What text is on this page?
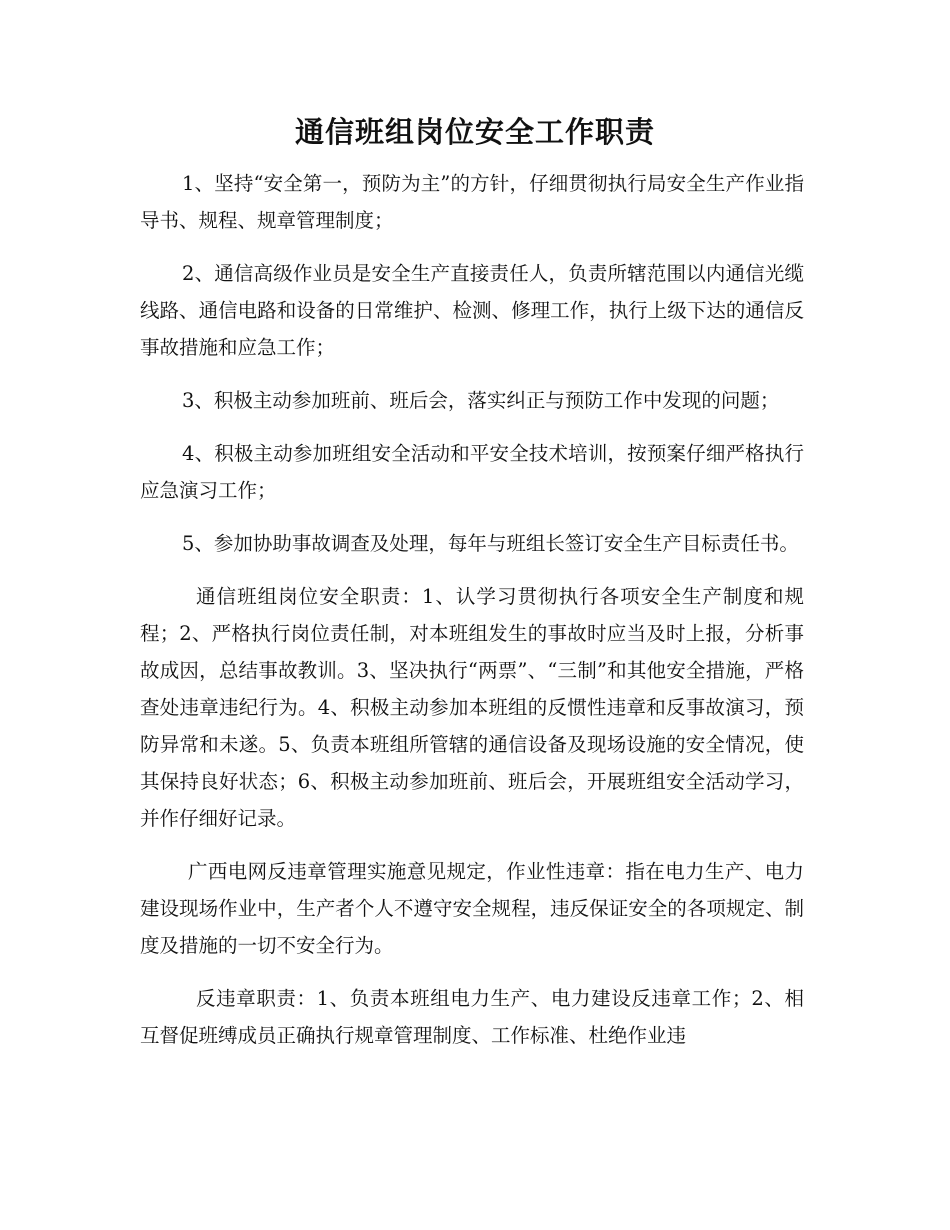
通信班组岗位安全工作职责

1、坚持“安全第一，预防为主”的方针，仔细贯彻执行局安全生产作业指导书、规程、规章管理制度；

2、通信高级作业员是安全生产直接责任人，负责所辖范围以内通信光缆线路、通信电路和设备的日常维护、检测、修理工作，执行上级下达的通信反事故措施和应急工作；

3、积极主动参加班前、班后会，落实纠正与预防工作中发现的问题；

4、积极主动参加班组安全活动和平安全技术培训，按预案仔细严格执行应急演习工作；

5、参加协助事故调查及处理，每年与班组长签订安全生产目标责任书。

通信班组岗位安全职责：1、认学习贯彻执行各项安全生产制度和规程；2、严格执行岗位责任制，对本班组发生的事故时应当及时上报，分析事故成因，总结事故教训。3、坚决执行“两票”、“三制”和其他安全措施，严格查处违章违纪行为。4、积极主动参加本班组的反惯性违章和反事故演习，预防异常和未遂。5、负责本班组所管辖的通信设备及现场设施的安全情况，使其保持良好状态；6、积极主动参加班前、班后会，开展班组安全活动学习，并作仔细好记录。

广西电网反违章管理实施意见规定，作业性违章：指在电力生产、电力建设现场作业中，生产者个人不遵守安全规程，违反保证安全的各项规定、制度及措施的一切不安全行为。

反违章职责：1、负责本班组电力生产、电力建设反违章工作；2、相互督促班缚成员正确执行规章管理制度、工作标准、杜绝作业违
